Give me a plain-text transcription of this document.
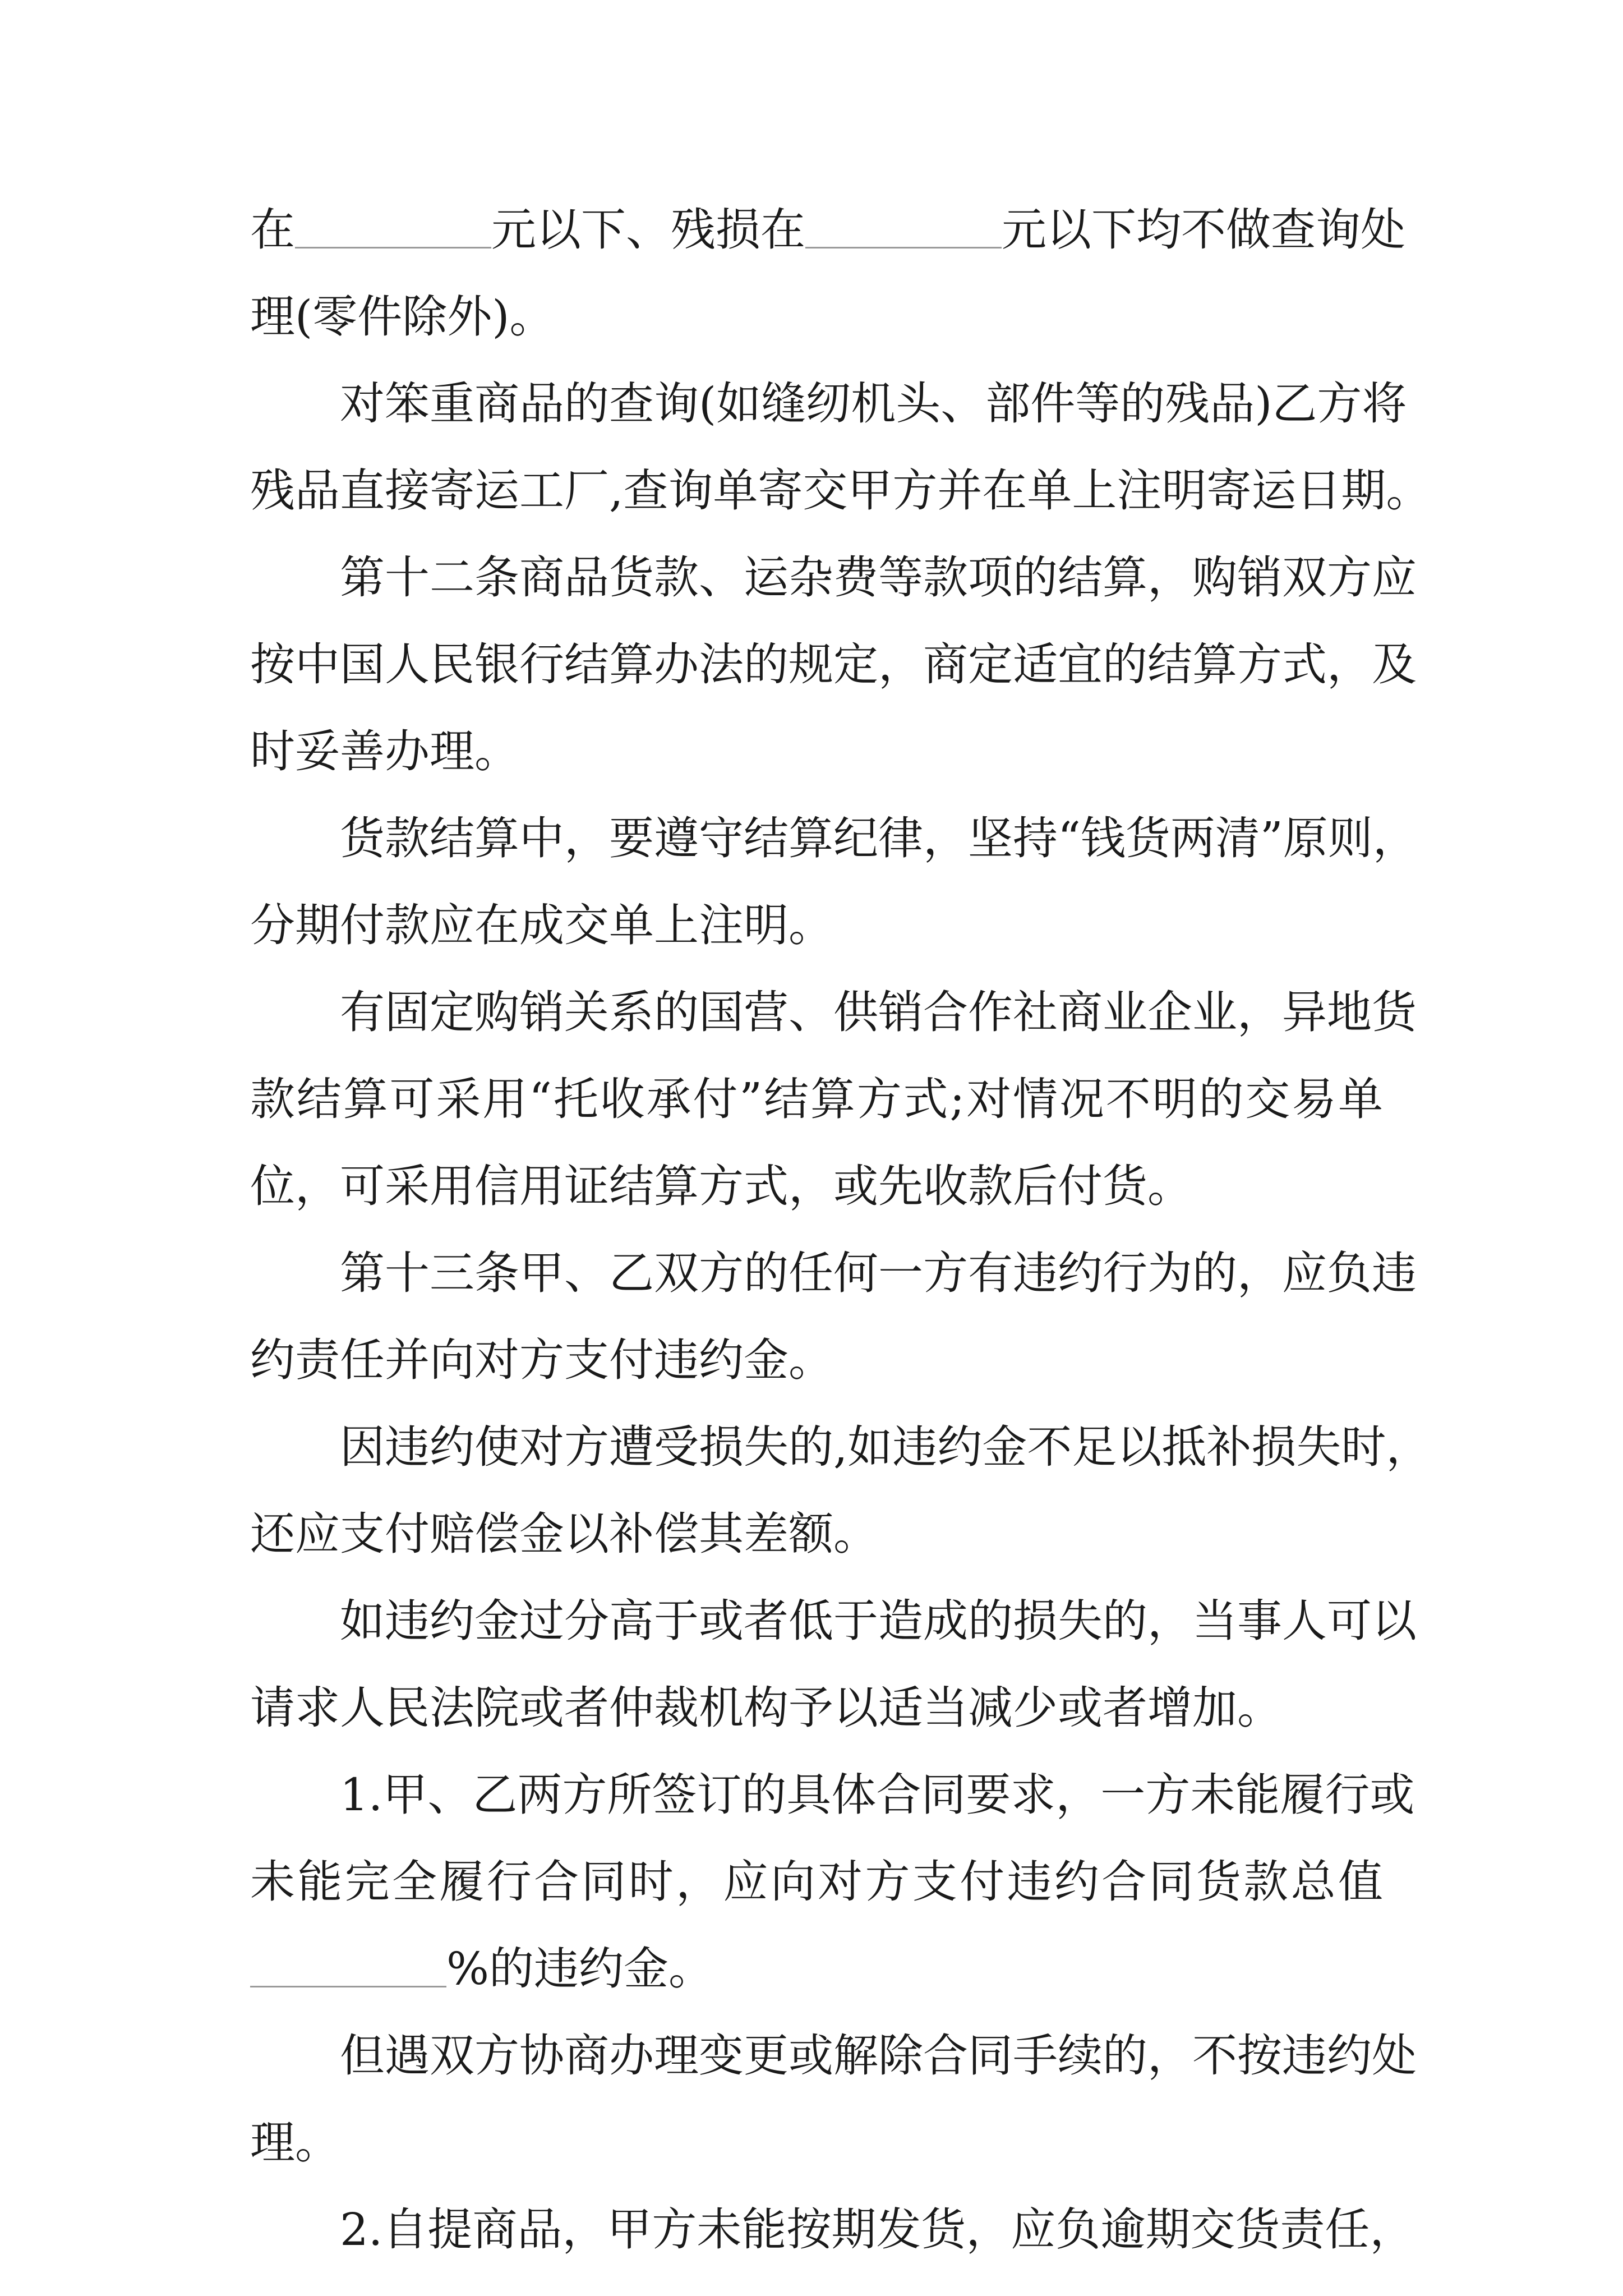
在	元以下、残损在	元以下均不做查询处
理(零件除外)。
对笨重商品的查询(如缝纫机头、部件等的残品)乙方将
残品直接寄运工厂,查询单寄交甲方并在单上注明寄运日期。
第十二条商品货款、运杂费等款项的结算，购销双方应
按中国人民银行结算办法的规定，商定适宜的结算方式，及
时妥善办理。
货款结算中，要遵守结算纪律，坚持“钱货两清”原则，
分期付款应在成交单上注明。
有固定购销关系的国营、供销合作社商业企业，异地货
款结算可采用“托收承付”结算方式;对情况不明的交易单
位，可采用信用证结算方式，或先收款后付货。
第十三条甲、乙双方的任何一方有违约行为的，应负违
约责任并向对方支付违约金。
因违约使对方遭受损失的,如违约金不足以抵补损失时，
还应支付赔偿金以补偿其差额。
如违约金过分高于或者低于造成的损失的，当事人可以
请求人民法院或者仲裁机构予以适当减少或者增加。
1.甲、乙两方所签订的具体合同要求，一方未能履行或
未能完全履行合同时，应向对方支付违约合同货款总值
%的违约金。
但遇双方协商办理变更或解除合同手续的，不按违约处
理。
2.自提商品，甲方未能按期发货，应负逾期交货责任，
